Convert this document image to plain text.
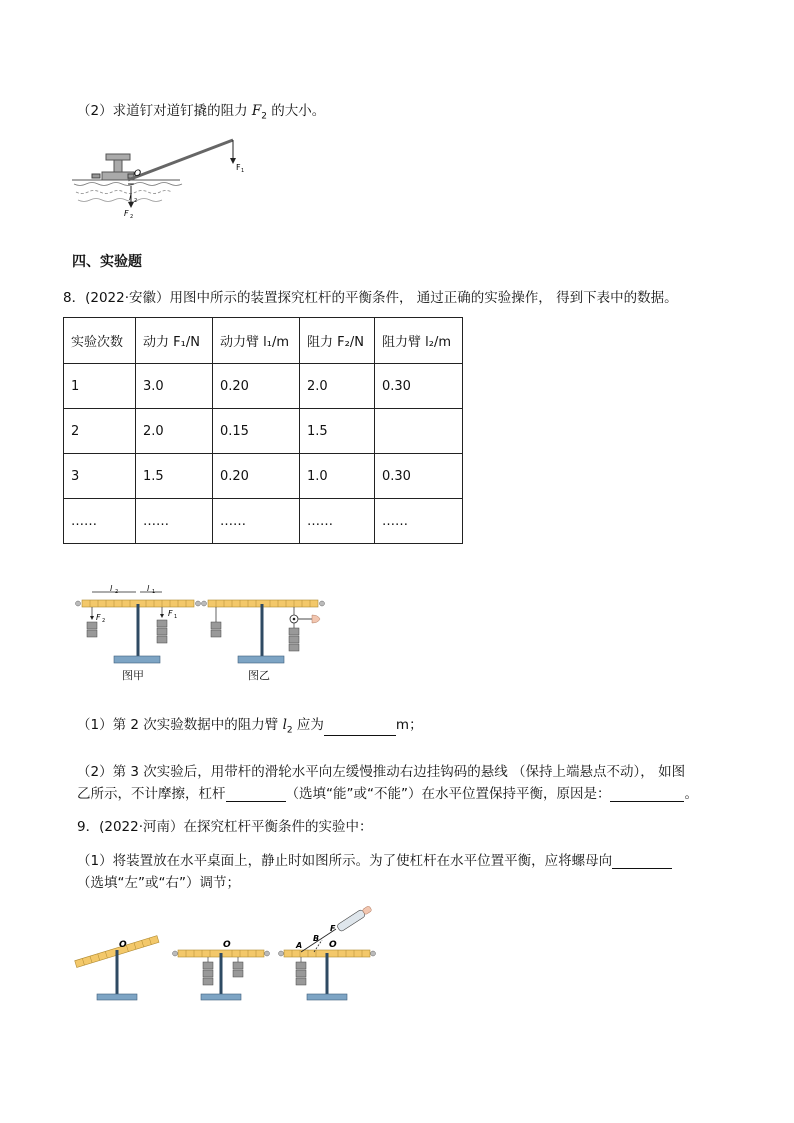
（2）求道钉对道钉撬的阻力 $F_2$ 的大小。
F 1
O
l 2
F 2
四、实验题
8．(2022·安徽）用图中所示的装置探究杠杆的平衡条件， 通过正确的实验操作， 得到下表中的数据。
实验次数	动力 F₁/N	动力臂 l₁/m	阻力 F₂/N	阻力臂 l₂/m
1	3.0	0.20	2.0	0.30
2	2.0	0.15	1.5	
3	1.5	0.20	1.0	0.30
……	……	……	……	……
l 2	l 1
F 2
F 1
图甲	图乙
（1）第 2 次实验数据中的阻力臂 $l_2$ 应为	m；
（2）第 3 次实验后，用带杆的滑轮水平向左缓慢推动右边挂钩码的悬线 （保持上端悬点不动）， 如图
乙所示，不计摩擦，杠杆	（选填“能”或“不能”）在水平位置保持平衡，原因是：	。
9．(2022·河南）在探究杠杆平衡条件的实验中：
（1）将装置放在水平桌面上，静止时如图所示。为了使杠杆在水平位置平衡，应将螺母向
（选填“左”或“右”）调节；
O	O	A
B
F
O
